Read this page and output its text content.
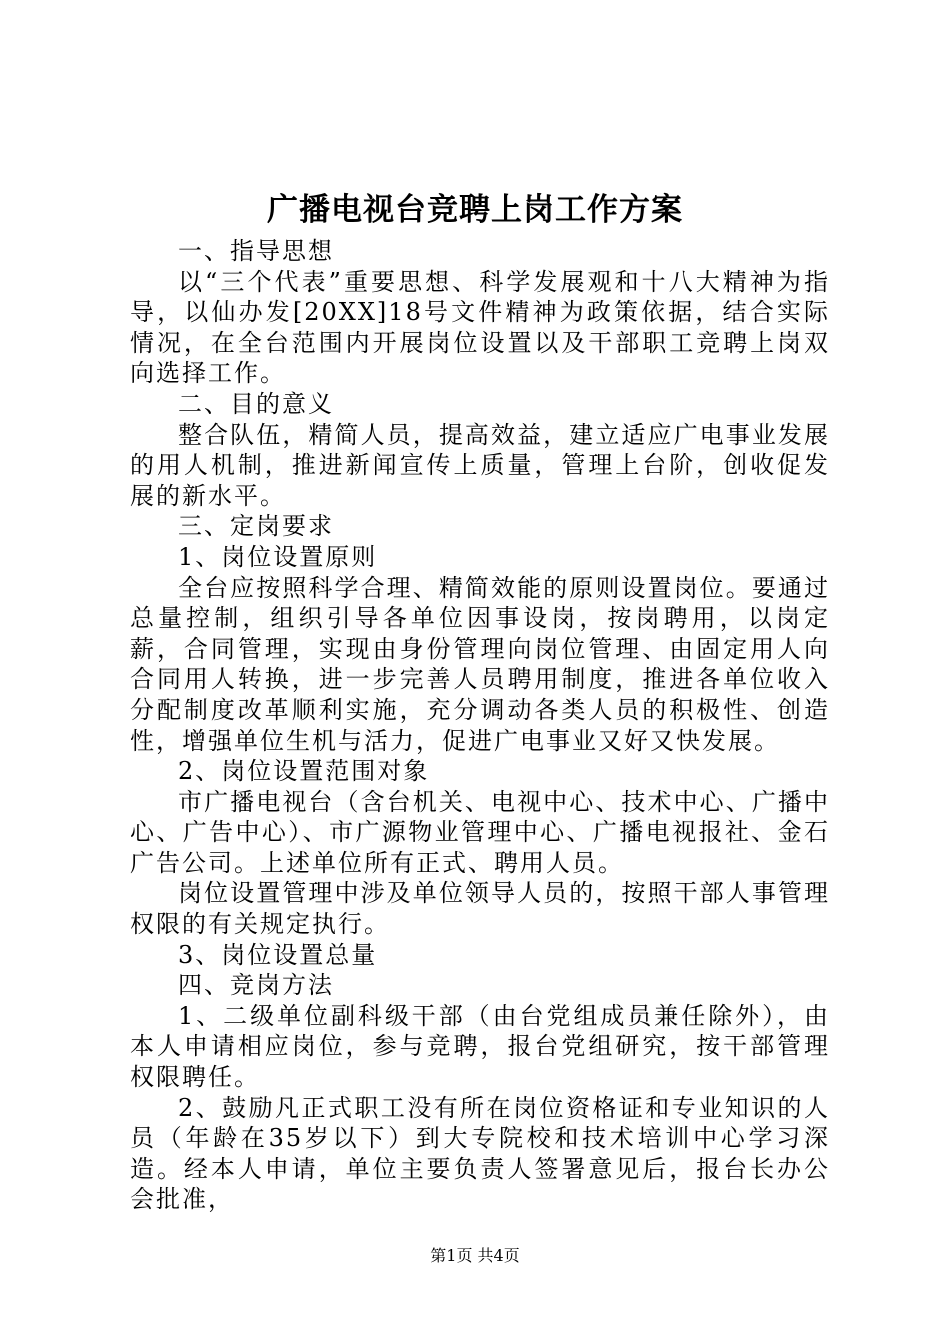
广播电视台竞聘上岗工作方案

一、指导思想

以“三个代表”重要思想、科学发展观和十八大精神为指导，以仙办发[20XX]18号文件精神为政策依据，结合实际情况，在全台范围内开展岗位设置以及干部职工竞聘上岗双向选择工作。

二、目的意义

整合队伍，精简人员，提高效益，建立适应广电事业发展的用人机制，推进新闻宣传上质量，管理上台阶，创收促发展的新水平。

三、定岗要求

1、岗位设置原则

全台应按照科学合理、精简效能的原则设置岗位。要通过总量控制，组织引导各单位因事设岗，按岗聘用，以岗定薪，合同管理，实现由身份管理向岗位管理、由固定用人向合同用人转换，进一步完善人员聘用制度，推进各单位收入分配制度改革顺利实施，充分调动各类人员的积极性、创造性，增强单位生机与活力，促进广电事业又好又快发展。

2、岗位设置范围对象

市广播电视台（含台机关、电视中心、技术中心、广播中心、广告中心）、市广源物业管理中心、广播电视报社、金石广告公司。上述单位所有正式、聘用人员。

岗位设置管理中涉及单位领导人员的，按照干部人事管理权限的有关规定执行。

3、岗位设置总量

四、竞岗方法

1、二级单位副科级干部（由台党组成员兼任除外），由本人申请相应岗位，参与竞聘，报台党组研究，按干部管理权限聘任。

2、鼓励凡正式职工没有所在岗位资格证和专业知识的人员（年龄在35岁以下）到大专院校和技术培训中心学习深造。经本人申请，单位主要负责人签署意见后，报台长办公会批准，

第1页 共4页
